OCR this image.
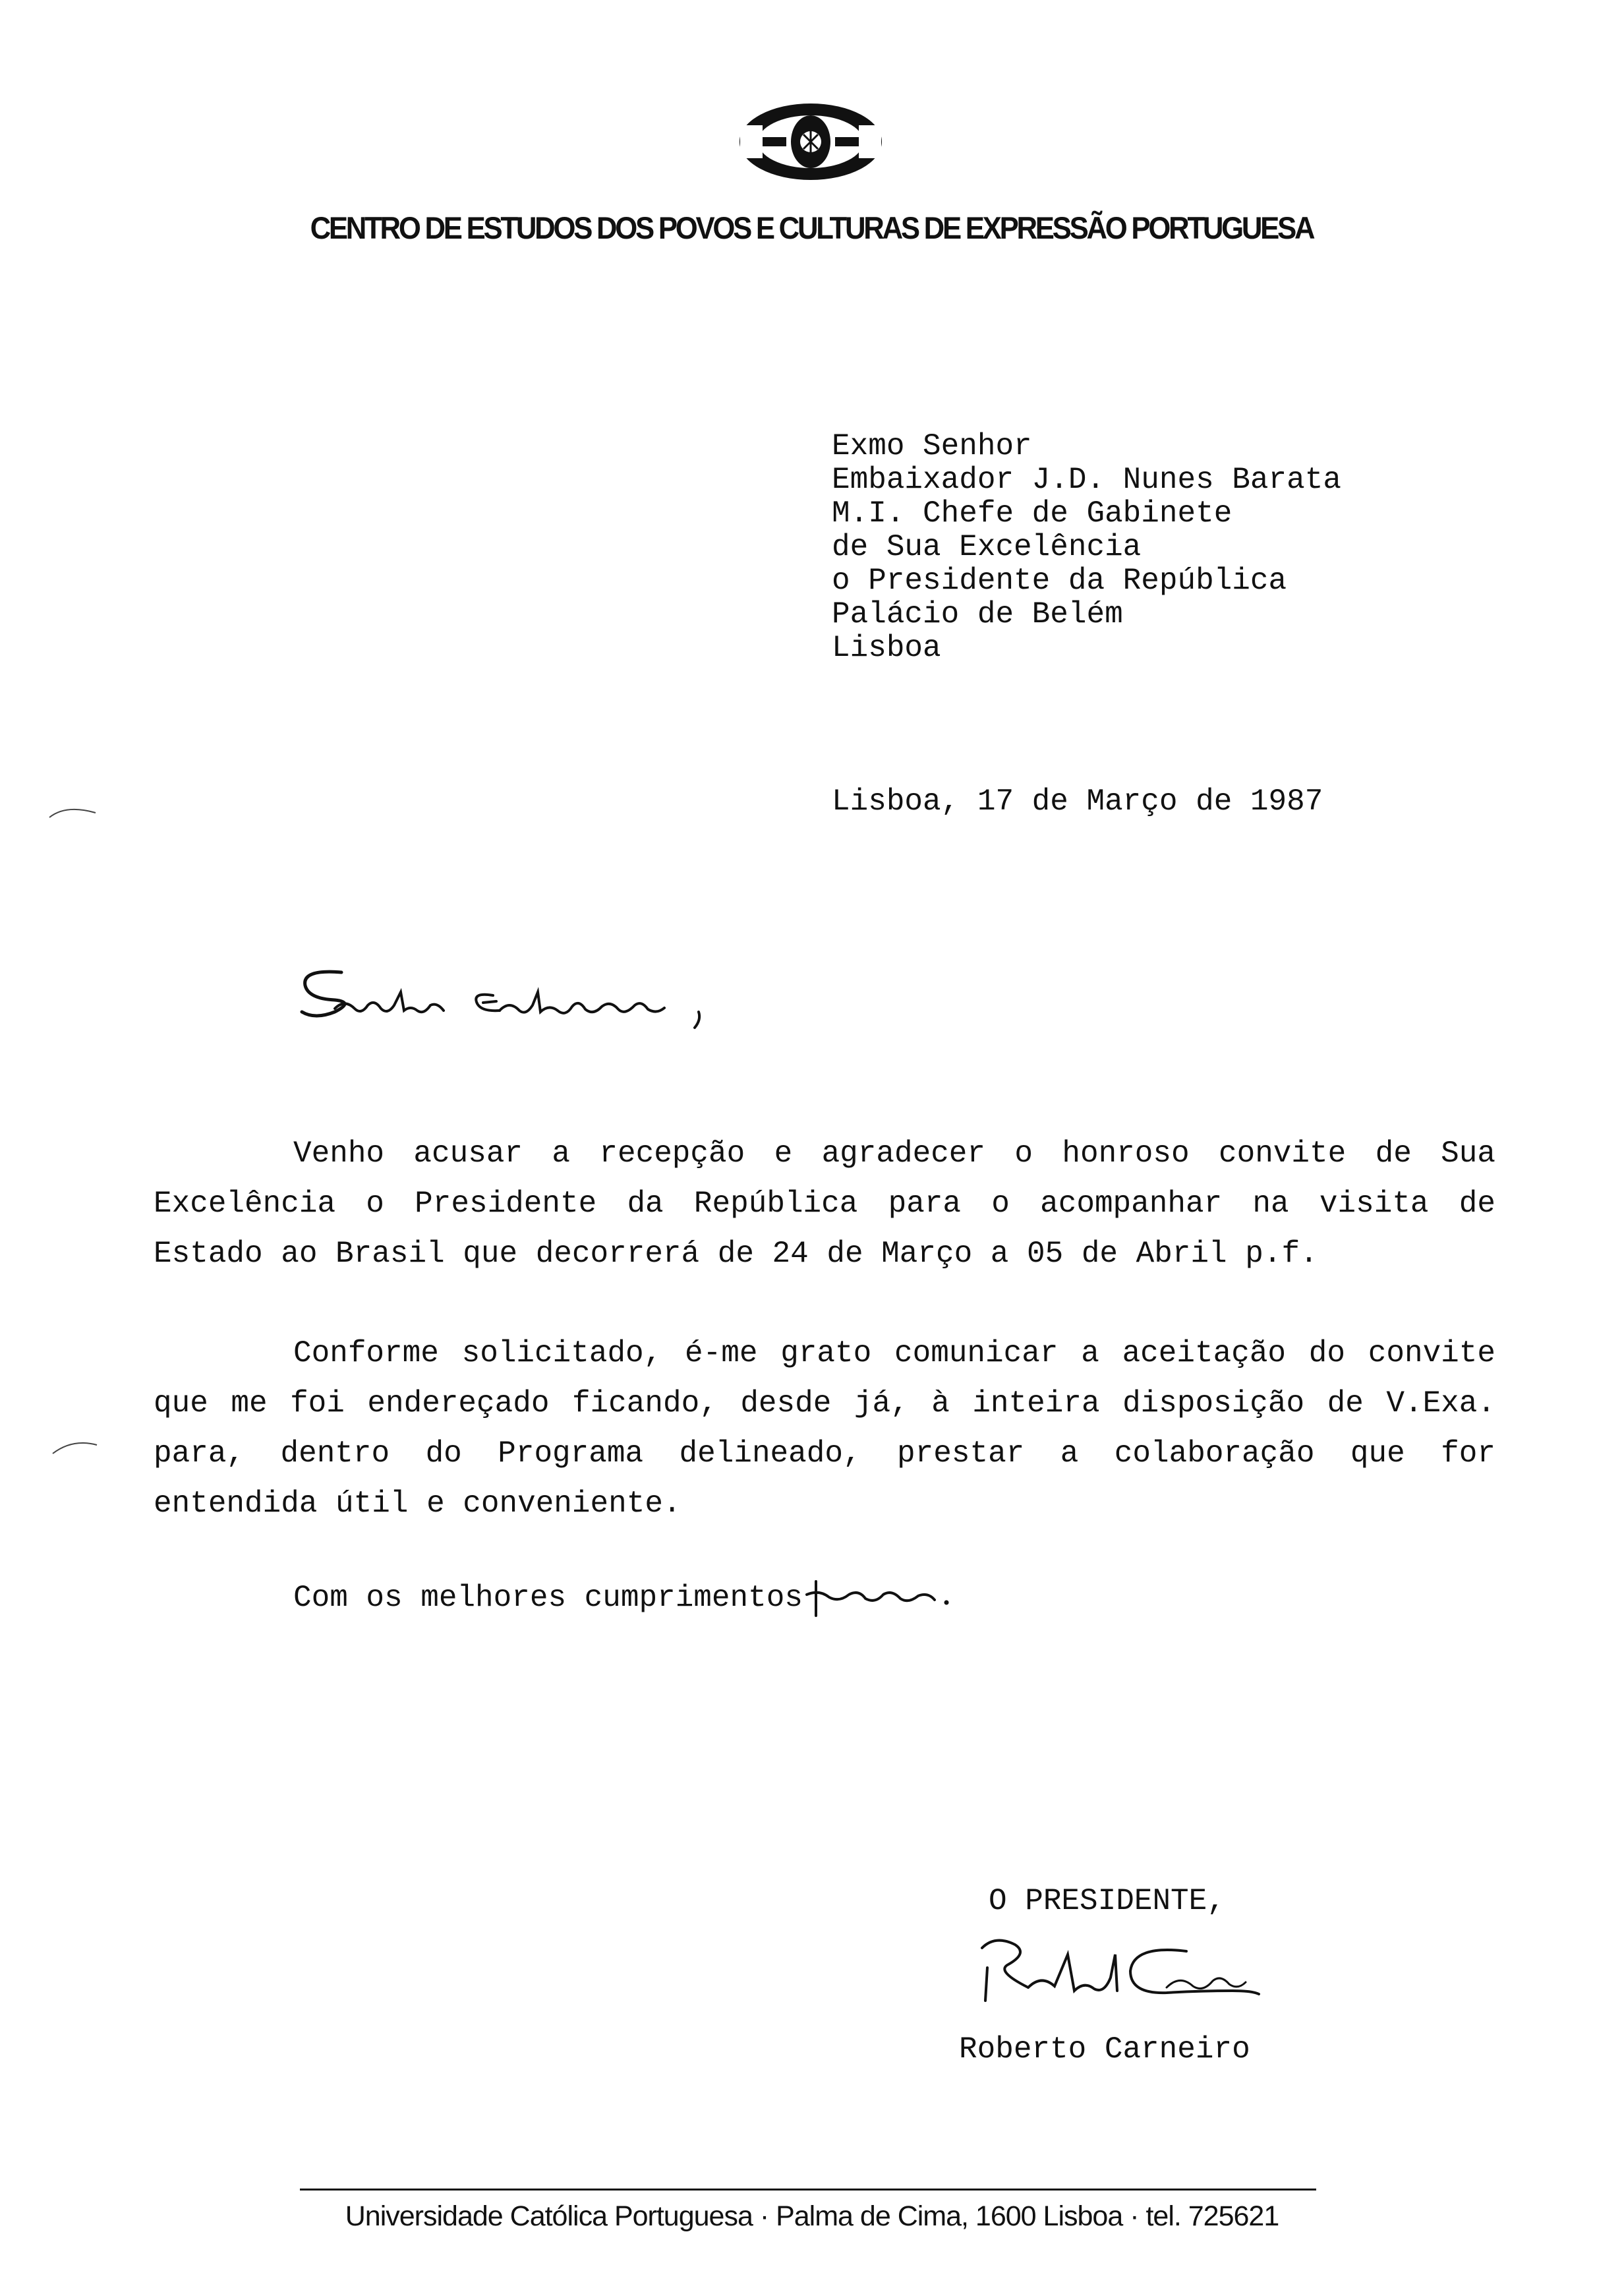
CENTRO DE ESTUDOS DOS POVOS E CULTURAS DE EXPRESSÃO PORTUGUESA
Exmo Senhor
Embaixador J.D. Nunes Barata
M.I. Chefe de Gabinete
de Sua Excelência
o Presidente da República
Palácio de Belém
Lisboa
Lisboa, 17 de Março de 1987

Venho acusar a recepção e agradecer o honroso convite de Sua Excelência o Presidente da República para o acompanhar na visita de Estado ao Brasil que decorrerá de 24 de Março a 05 de Abril p.f.

Conforme solicitado, é-me grato comunicar a aceitação do convite que me foi endereçado ficando, desde já, à inteira disposição de V.Exa. para, dentro do Programa delineado, prestar a colaboração que for entendida útil e convenientе.

Com os melhores cumprimentos
O PRESIDENTE,
Roberto Carneiro
Universidade Católica Portuguesa · Palma de Cima, 1600 Lisboa · tel. 725621
